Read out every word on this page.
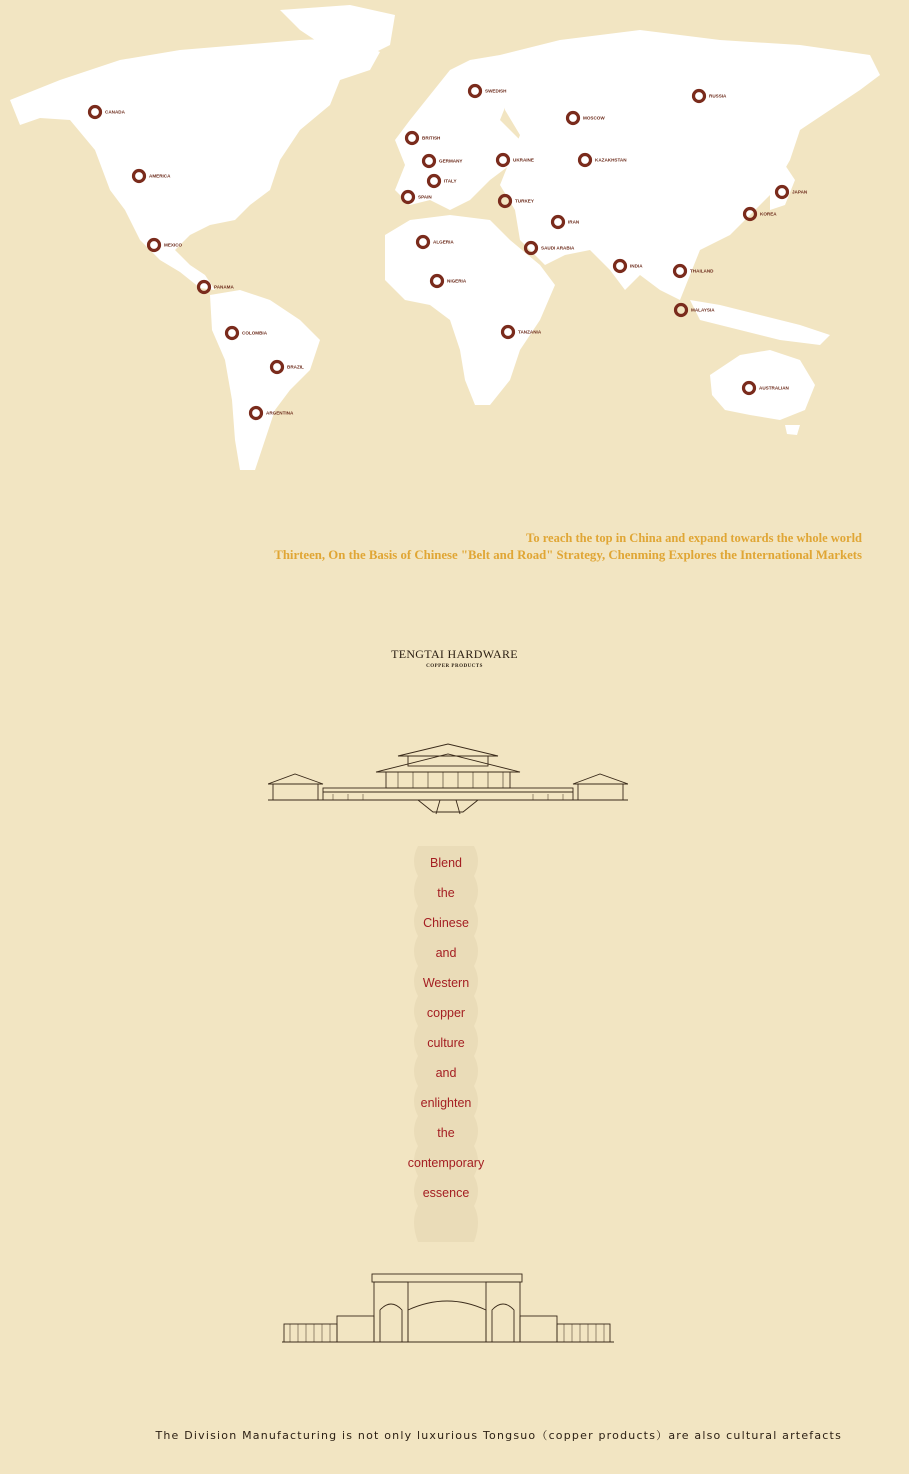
CANADA
AMERICA
MEXICO
PANAMA
COLOMBIA
BRAZIL
ARGENTINA
SWEDISH
BRITISH
GERMANY
ITALY
SPAIN
ALGERIA
NIGERIA
UKRAINE
TURKEY
SAUDI ARABIA
TANZANIA
MOSCOW
KAZAKHSTAN
IRAN
INDIA
RUSSIA
JAPAN
KOREA
THAILAND
MALAYSIA
AUSTRALIAN
To reach the top in China and expand towards the whole world
Thirteen, On the Basis of Chinese "Belt and Road" Strategy, Chenming Explores the International Markets
TENGTAI HARDWARE
COPPER PRODUCTS
Blend
the
Chinese
and
Western
copper
culture
and
enlighten
the
contemporary
essence
The Division Manufacturing is not only luxurious Tongsuo（copper products）are also cultural artefacts
